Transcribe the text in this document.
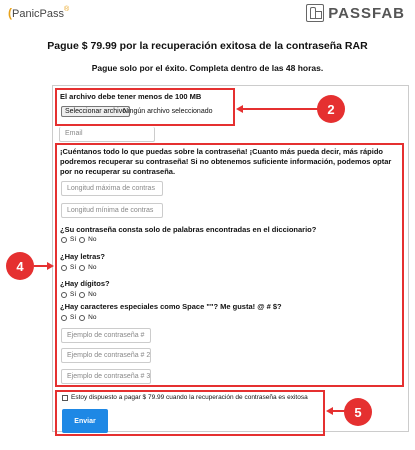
(PanicPass®	PASSFAB
Pague $ 79.99 por la recuperación exitosa de la contraseña RAR
Pague solo por el éxito. Completa dentro de las 48 horas.
El archivo debe tener menos de 100 MB
Seleccionar archivo
Ningún archivo seleccionado
Email
¡Cuéntanos todo lo que puedas sobre la contraseña! ¡Cuanto más pueda decir, más rápido podremos recuperar su contraseña! Si no obtenemos suficiente información, podemos optar por no recuperar su contraseña.
Longitud máxima de contras
Longitud mínima de contras
¿Su contraseña consta solo de palabras encontradas en el diccionario?
Sí No
¿Hay letras?
Sí No
¿Hay dígitos?
Sí No
¿Hay caracteres especiales como Space ""? Me gusta! @ # $?
Sí No
Ejemplo de contraseña #
Ejemplo de contraseña # 2
Ejemplo de contraseña # 3
Estoy dispuesto a pagar $ 79.99 cuando la recuperación de contraseña es exitosa
Enviar
2
4
5
